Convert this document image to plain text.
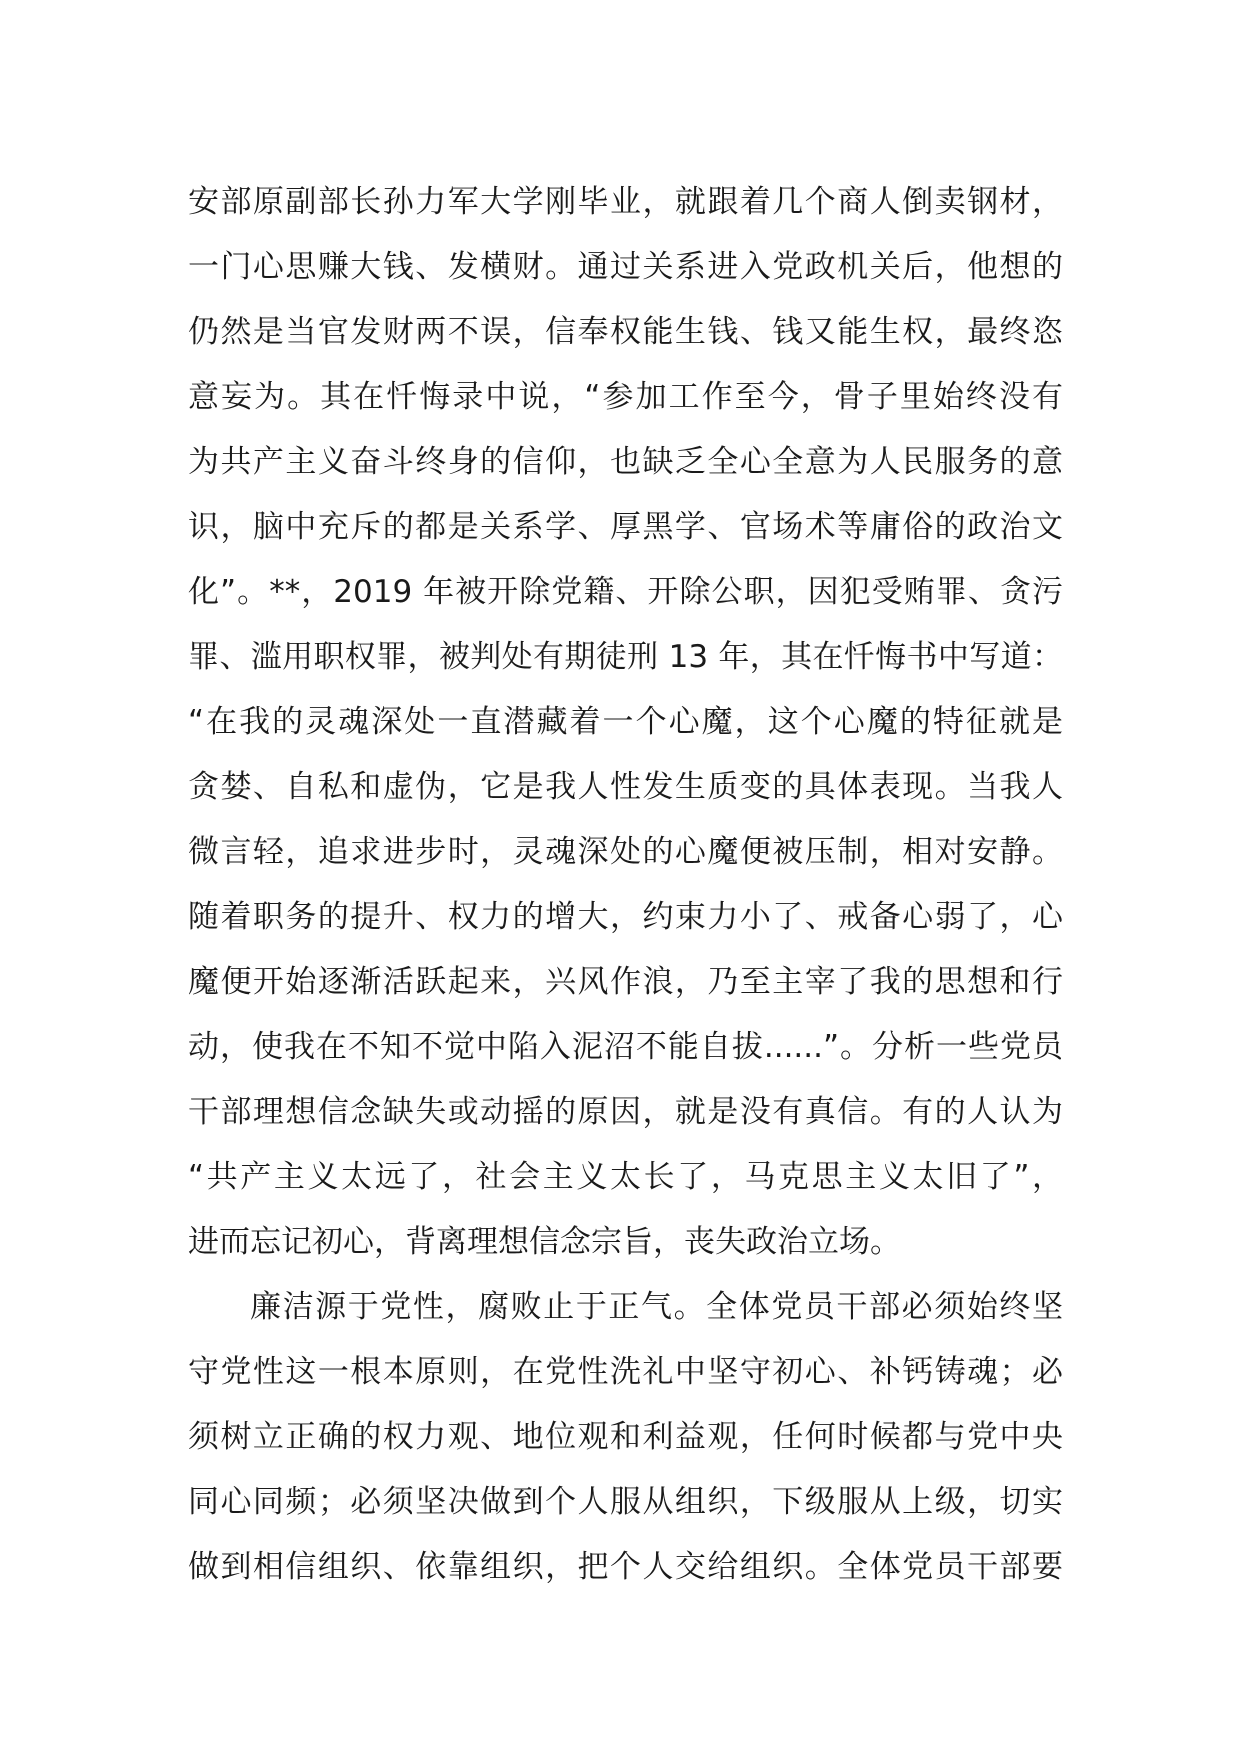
安部原副部长孙力军大学刚毕业，就跟着几个商人倒卖钢材，
一门心思赚大钱、发横财。通过关系进入党政机关后，他想的
仍然是当官发财两不误，信奉权能生钱、钱又能生权，最终恣
意妄为。其在忏悔录中说，“参加工作至今，骨子里始终没有
为共产主义奋斗终身的信仰，也缺乏全心全意为人民服务的意
识，脑中充斥的都是关系学、厚黑学、官场术等庸俗的政治文
化”。**，2019 年被开除党籍、开除公职，因犯受贿罪、贪污
罪、滥用职权罪，被判处有期徒刑 13 年，其在忏悔书中写道：
“在我的灵魂深处一直潜藏着一个心魔，这个心魔的特征就是
贪婪、自私和虚伪，它是我人性发生质变的具体表现。当我人
微言轻，追求进步时，灵魂深处的心魔便被压制，相对安静。
随着职务的提升、权力的增大，约束力小了、戒备心弱了，心
魔便开始逐渐活跃起来，兴风作浪，乃至主宰了我的思想和行
动，使我在不知不觉中陷入泥沼不能自拔......”。分析一些党员
干部理想信念缺失或动摇的原因，就是没有真信。有的人认为
“共产主义太远了，社会主义太长了，马克思主义太旧了”，
进而忘记初心，背离理想信念宗旨，丧失政治立场。

廉洁源于党性，腐败止于正气。全体党员干部必须始终坚
守党性这一根本原则，在党性洗礼中坚守初心、补钙铸魂；必
须树立正确的权力观、地位观和利益观，任何时候都与党中央
同心同频；必须坚决做到个人服从组织，下级服从上级，切实
做到相信组织、依靠组织，把个人交给组织。全体党员干部要
